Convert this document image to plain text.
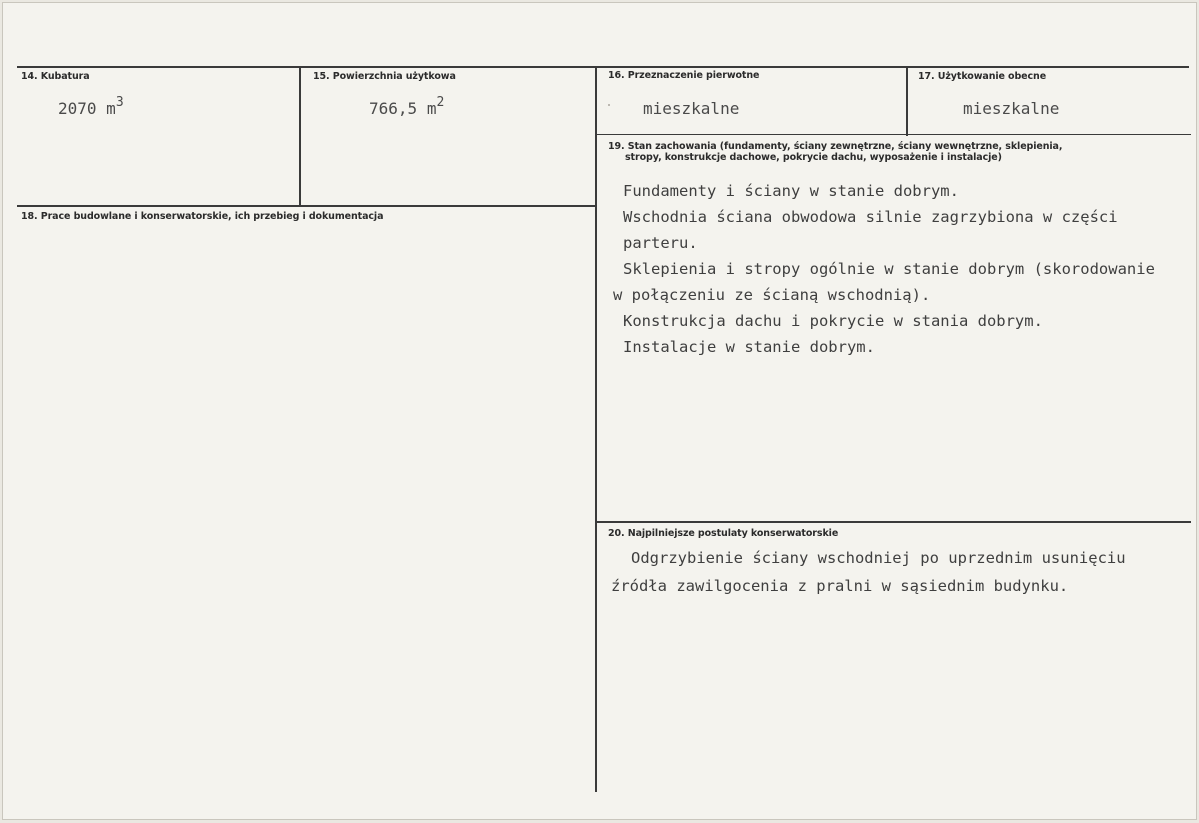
14. Kubatura
2070 $m^3$
15. Powierzchnia użytkowa
766,5 $m^2$
16. Przeznaczenie pierwotne
mieszkalne
17. Użytkowanie obecne
mieszkalne
18. Prace budowlane i konserwatorskie, ich przebieg i dokumentacja
19. Stan zachowania (fundamenty, ściany zewnętrzne, ściany wewnętrzne, sklepienia,
stropy, konstrukcje dachowe, pokrycie dachu, wyposażenie i instalacje)
Fundamenty i ściany w stanie dobrym.
Wschodnia ściana obwodowa silnie zagrzybiona w części
parteru.
Sklepienia i stropy ogólnie w stanie dobrym (skorodowanie
w połączeniu ze ścianą wschodnią).
Konstrukcja dachu i pokrycie w stania dobrym.
Instalacje w stanie dobrym.
20. Najpilniejsze postulaty konserwatorskie
Odgrzybienie ściany wschodniej po uprzednim usunięciu
źródła zawilgocenia z pralni w sąsiednim budynku.
